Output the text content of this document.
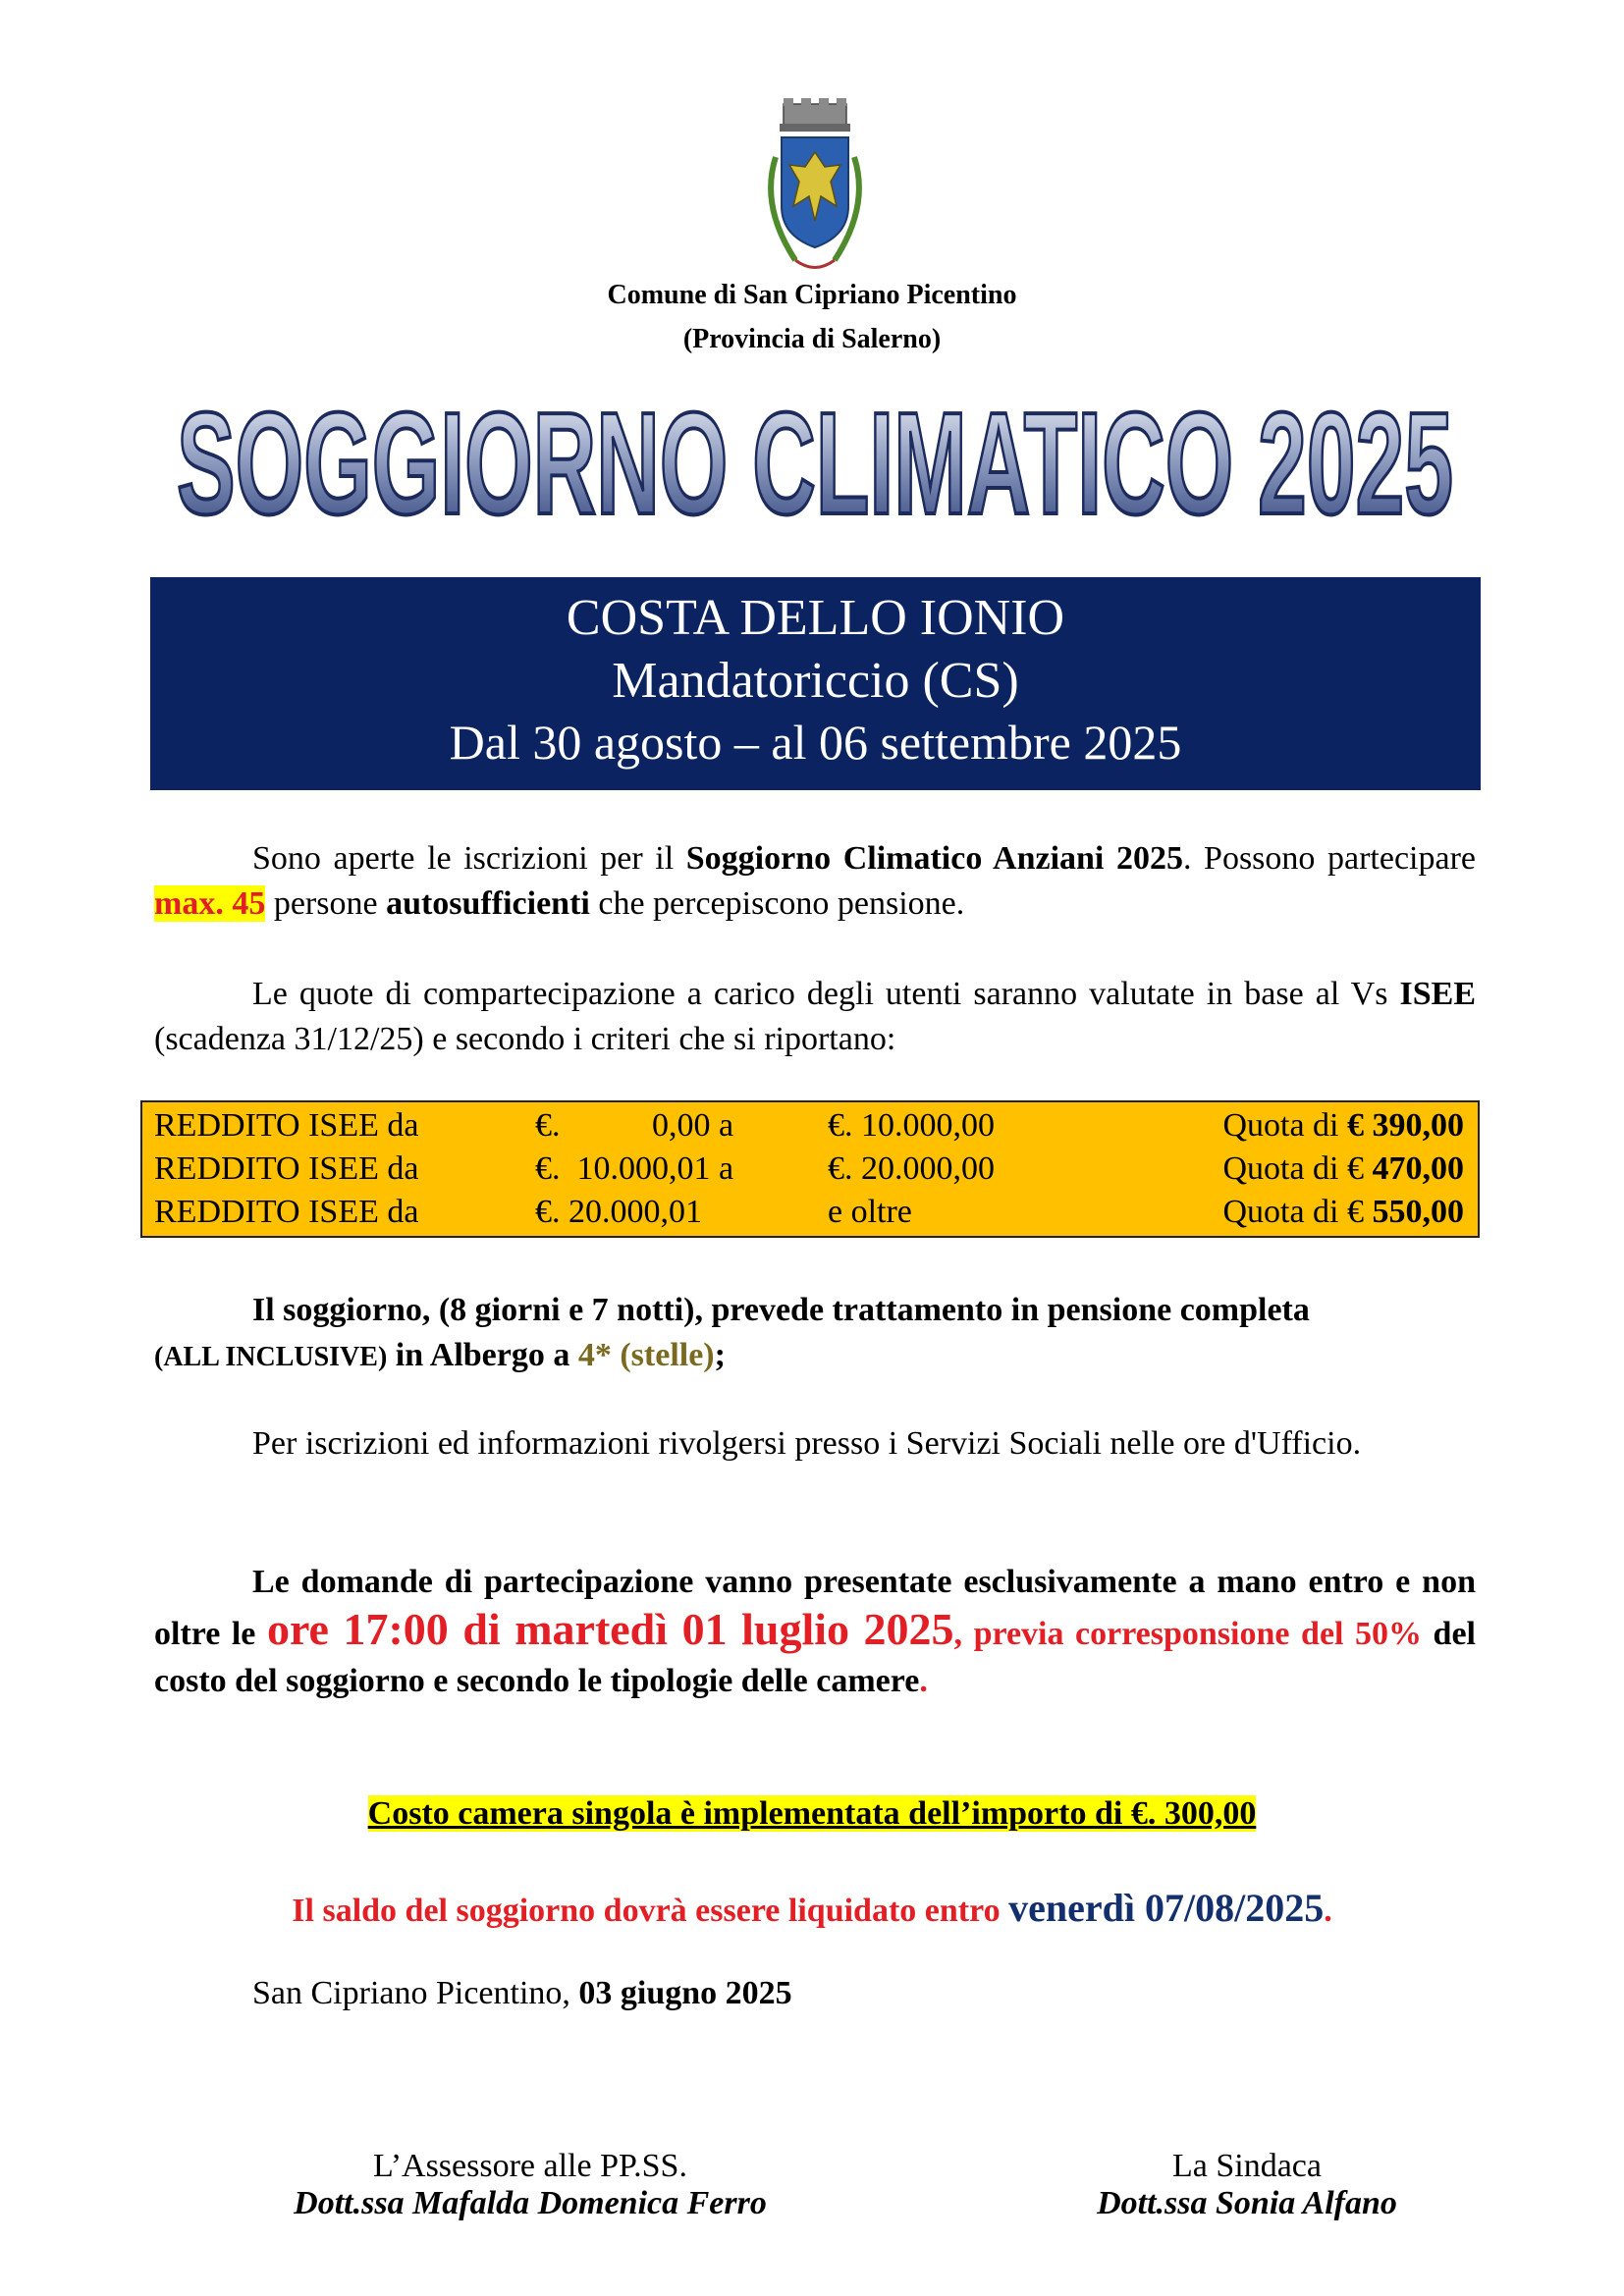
Comune di San Cipriano Picentino
(Provincia di Salerno)
SOGGIORNO CLIMATICO 2025
COSTA DELLO IONIO
Mandatoriccio (CS)
Dal 30 agosto – al 06 settembre 2025
Sono aperte le iscrizioni per il Soggiorno Climatico Anziani 2025. Possono partecipare max. 45 persone autosufficienti che percepiscono pensione.
Le quote di compartecipazione a carico degli utenti saranno valutate in base al Vs ISEE (scadenza 31/12/25) e secondo i criteri che si riportano:
REDDITO ISEE da	€.           0,00 a	€. 10.000,00	Quota di € 390,00
REDDITO ISEE da	€.  10.000,01 a	€. 20.000,00	Quota di € 470,00
REDDITO ISEE da	€. 20.000,01	e oltre	Quota di € 550,00
Il soggiorno, (8 giorni e 7 notti), prevede trattamento in pensione completa
(ALL INCLUSIVE) in Albergo a 4* (stelle);
Per iscrizioni ed informazioni rivolgersi presso i Servizi Sociali nelle ore d'Ufficio.
Le domande di partecipazione vanno presentate esclusivamente a mano entro e non oltre le ore 17:00 di martedì 01 luglio 2025, previa corresponsione del 50% del costo del soggiorno e secondo le tipologie delle camere.
Costo camera singola è implementata dell’importo di €. 300,00
Il saldo del soggiorno dovrà essere liquidato entro venerdì 07/08/2025.
San Cipriano Picentino, 03 giugno 2025
L’Assessore alle PP.SS.
Dott.ssa Mafalda Domenica Ferro
La Sindaca
Dott.ssa Sonia Alfano
